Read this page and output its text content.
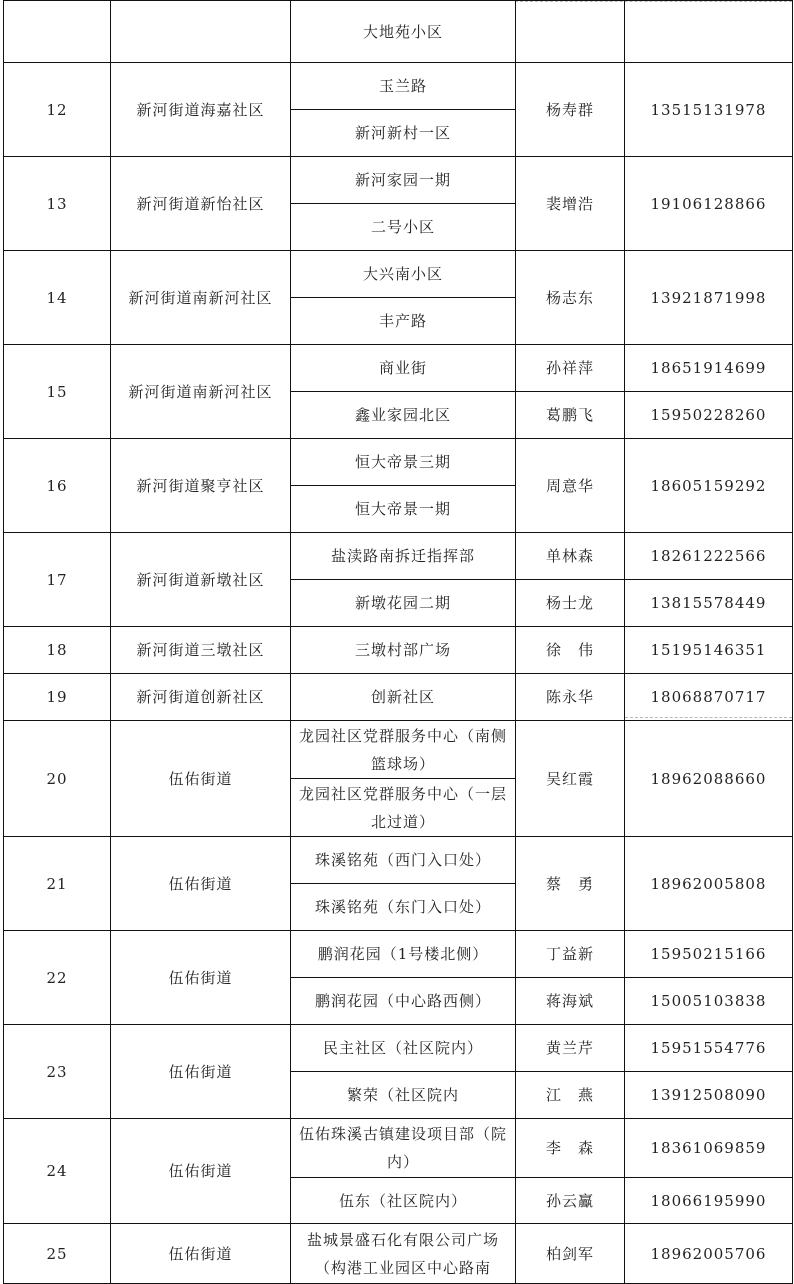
		大地苑小区		
12	新河街道海嘉社区	玉兰路	杨寿群	13515131978
		新河新村一区		
13	新河街道新怡社区	新河家园一期	裴增浩	19106128866
		二号小区		
14	新河街道南新河社区	大兴南小区	杨志东	13921871998
		丰产路		
15	新河街道南新河社区	商业街	孙祥萍	18651914699
		鑫业家园北区	葛鹏飞	15950228260
16	新河街道聚亨社区	恒大帝景三期	周意华	18605159292
		恒大帝景一期		
17	新河街道新墩社区	盐渎路南拆迁指挥部	单林森	18261222566
		新墩花园二期	杨士龙	13815578449
18	新河街道三墩社区	三墩村部广场	徐　伟	15195146351
19	新河街道创新社区	创新社区	陈永华	18068870717
20	伍佑街道	龙园社区党群服务中心（南侧篮球场）	吴红霞	18962088660
		龙园社区党群服务中心（一层北过道）		
21	伍佑街道	珠溪铭苑（西门入口处）	蔡　勇	18962005808
		珠溪铭苑（东门入口处）		
22	伍佑街道	鹏润花园（1号楼北侧）	丁益新	15950215166
		鹏润花园（中心路西侧）	蒋海斌	15005103838
23	伍佑街道	民主社区（社区院内）	黄兰芹	15951554776
		繁荣（社区院内	江　燕	13912508090
24	伍佑街道	伍佑珠溪古镇建设项目部（院内）	李　森	18361069859
		伍东（社区院内）	孙云鸁	18066195990
25	伍佑街道	盐城景盛石化有限公司广场（构港工业园区中心路南	柏剑军	18962005706
